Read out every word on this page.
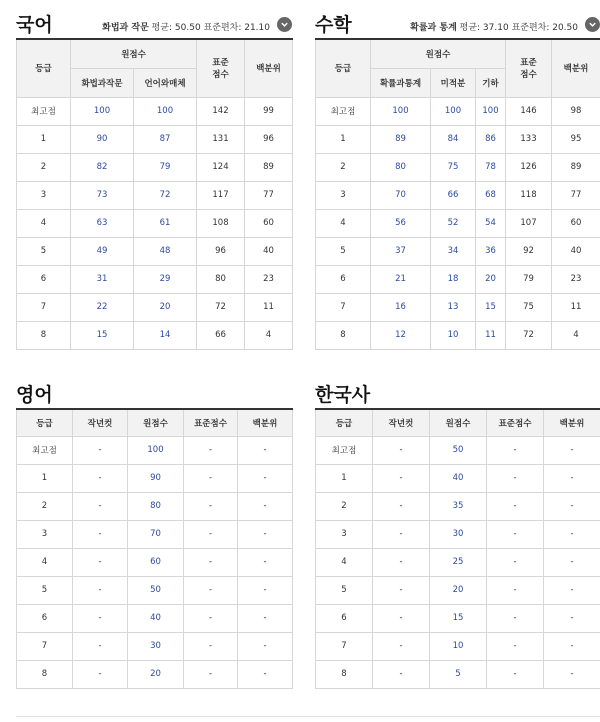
국어	화법과 작문 평균: 50.50 표준편차: 21.10
등급	원점수		표준
점수	백분위
	화법과작문	언어와매체		
최고점	100	100	142	99
1	90	87	131	96
2	82	79	124	89
3	73	72	117	77
4	63	61	108	60
5	49	48	96	40
6	31	29	80	23
7	22	20	72	11
8	15	14	66	4
수학	확률과 통계 평균: 37.10 표준편차: 20.50
등급	원점수			표준
점수	백분위
	확률과통계	미적분	기하		
최고점	100	100	100	146	98
1	89	84	86	133	95
2	80	75	78	126	89
3	70	66	68	118	77
4	56	52	54	107	60
5	37	34	36	92	40
6	21	18	20	79	23
7	16	13	15	75	11
8	12	10	11	72	4
영어
등급	작년컷	원점수	표준점수	백분위
최고점	-	100	-	-
1	-	90	-	-
2	-	80	-	-
3	-	70	-	-
4	-	60	-	-
5	-	50	-	-
6	-	40	-	-
7	-	30	-	-
8	-	20	-	-
한국사
등급	작년컷	원점수	표준점수	백분위
최고점	-	50	-	-
1	-	40	-	-
2	-	35	-	-
3	-	30	-	-
4	-	25	-	-
5	-	20	-	-
6	-	15	-	-
7	-	10	-	-
8	-	5	-	-
